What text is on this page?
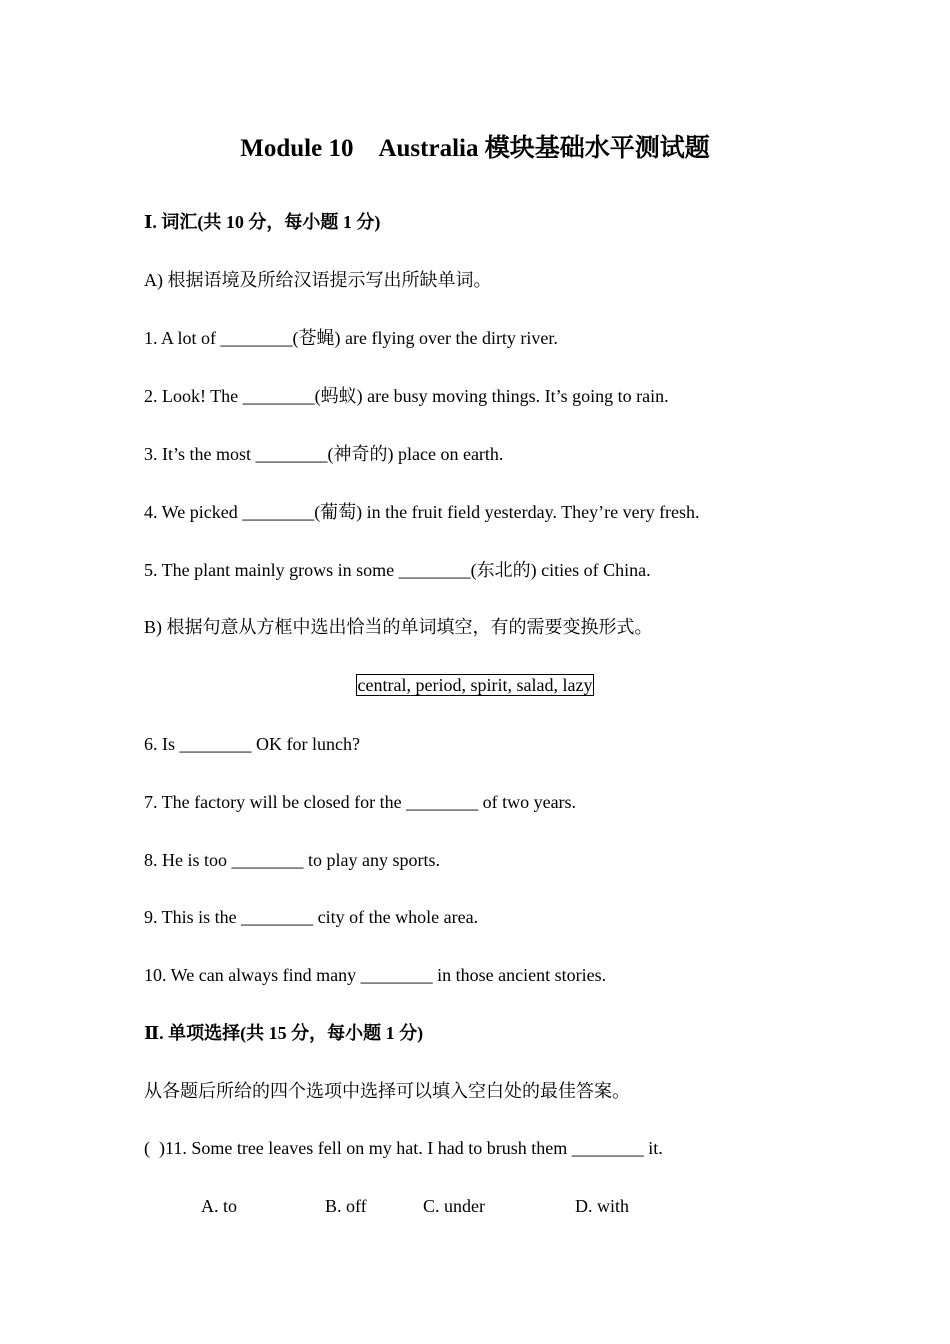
Module 10　Australia 模块基础水平测试题
Ⅰ. 词汇(共 10 分，每小题 1 分)
A) 根据语境及所给汉语提示写出所缺单词。
1. A lot of ________(苍蝇) are flying over the dirty river.
2. Look! The ________(蚂蚁) are busy moving things. It’s going to rain.
3. It’s the most ________(神奇的) place on earth.
4. We picked ________(葡萄) in the fruit field yesterday. They’re very fresh.
5. The plant mainly grows in some ________(东北的) cities of China.
B) 根据句意从方框中选出恰当的单词填空，有的需要变换形式。
central, period, spirit, salad, lazy
6. Is ________ OK for lunch?
7. The factory will be closed for the ________ of two years.
8. He is too ________ to play any sports.
9. This is the ________ city of the whole area.
10. We can always find many ________ in those ancient stories.
Ⅱ. 单项选择(共 15 分，每小题 1 分)
从各题后所给的四个选项中选择可以填入空白处的最佳答案。
(  )11. Some tree leaves fell on my hat. I had to brush them ________ it.
A. to	B. off	C. under	D. with
